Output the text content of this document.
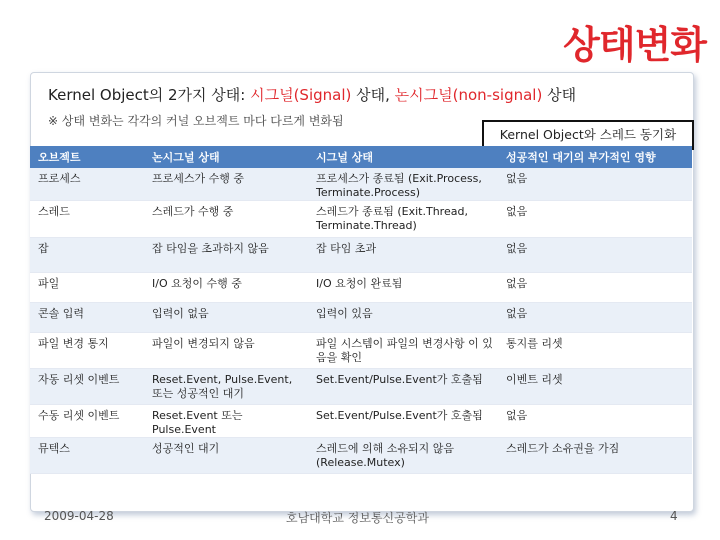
상태변화
Kernel Object의 2가지 상태: 시그널(Signal) 상태, 논시그널(non-signal) 상태
※ 상태 변화는 각각의 커널 오브젝트 마다 다르게 변화됨
Kernel Object와 스레드 동기화
오브젝트	논시그널 상태	시그널 상태	성공적인 대기의 부가적인 영향
프로세스	프로세스가 수행 중	프로세스가 종료됨 (Exit.Process, Terminate.Process)	없음
스레드	스레드가 수행 중	스레드가 종료됨 (Exit.Thread, Terminate.Thread)	없음
잡	잡 타임을 초과하지 않음	잡 타임 초과	없음
파일	I/O 요청이 수행 중	I/O 요청이 완료됨	없음
콘솔 입력	입력이 없음	입력이 있음	없음
파일 변경 통지	파일이 변경되지 않음	파일 시스템이 파일의 변경사항 이 있음을 확인	통지를 리셋
자동 리셋 이벤트	Reset.Event, Pulse.Event, 또는 성공적인 대기	Set.Event/Pulse.Event가 호출됨	이벤트 리셋
수동 리셋 이벤트	Reset.Event 또는 Pulse.Event	Set.Event/Pulse.Event가 호출됨	없음
뮤텍스	성공적인 대기	스레드에 의해 소유되지 않음 (Release.Mutex)	스레드가 소유권을 가짐
2009-04-28	호남대학교 정보통신공학과	4
